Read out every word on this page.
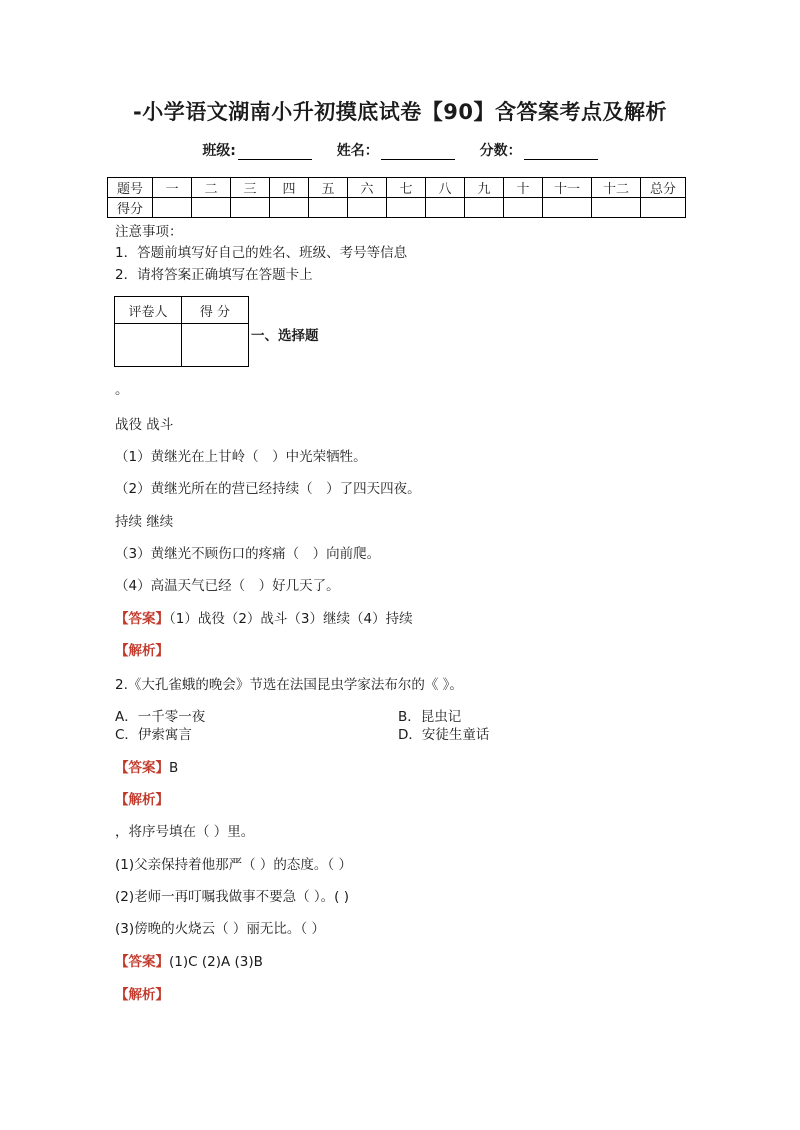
-小学语文湖南小升初摸底试卷【90】含答案考点及解析
班级:	姓名：	分数：
题号	一	二	三	四	五	六	七	八	九	十	十一	十二	总分
得分													
注意事项：
1．答题前填写好自己的姓名、班级、考号等信息
2．请将答案正确填写在答题卡上
评卷人	得 分

一、选择题
。
战役 战斗
（1）黄继光在上甘岭（　）中光荣牺牲。
（2）黄继光所在的营已经持续（　）了四天四夜。
持续 继续
（3）黄继光不顾伤口的疼痛（　）向前爬。
（4）高温天气已经（　）好几天了。
【答案】（1）战役（2）战斗（3）继续（4）持续
【解析】
2.《大孔雀蛾的晚会》节选在法国昆虫学家法布尔的《 》。
A．一千零一夜	B．昆虫记
C．伊索寓言	D．安徒生童话
【答案】B
【解析】
，将序号填在（ ）里。
(1)父亲保持着他那严（ ）的态度。（ ）
(2)老师一再叮嘱我做事不要急（ ）。( )
(3)傍晚的火烧云（ ）丽无比。（ ）
【答案】(1)C (2)A (3)B
【解析】
